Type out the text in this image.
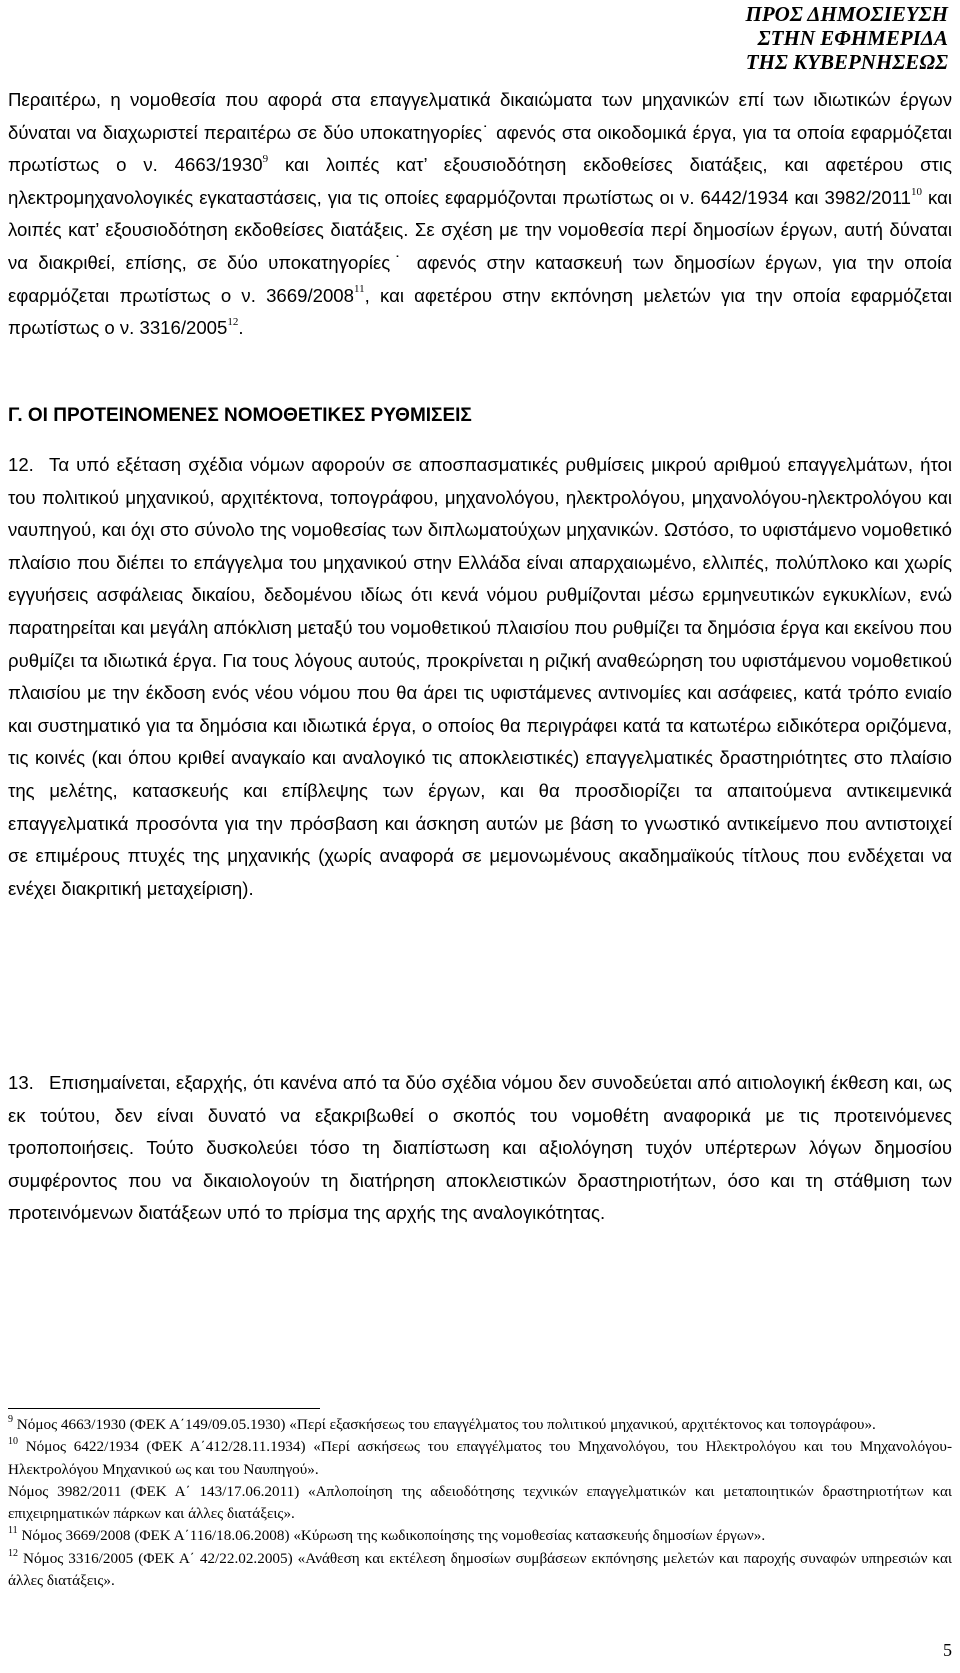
ΠΡΟΣ ΔΗΜΟΣΙΕΥΣΗ
ΣΤΗΝ ΕΦΗΜΕΡΙΔΑ
ΤΗΣ ΚΥΒΕΡΝΗΣΕΩΣ

Περαιτέρω, η νομοθεσία που αφορά στα επαγγελματικά δικαιώματα των μηχανικών επί των ιδιωτικών έργων δύναται να διαχωριστεί περαιτέρω σε δύο υποκατηγορίες˙ αφενός στα οικοδομικά έργα, για τα οποία εφαρμόζεται πρωτίστως ο ν. 4663/1930$^9$ και λοιπές κατ’ εξουσιοδότηση εκδοθείσες διατάξεις, και αφετέρου στις ηλεκτρομηχανολογικές εγκαταστάσεις, για τις οποίες εφαρμόζονται πρωτίστως οι ν. 6442/1934 και 3982/2011$^{10}$ και λοιπές κατ’ εξουσιοδότηση εκδοθείσες διατάξεις. Σε σχέση με την νομοθεσία περί δημοσίων έργων, αυτή δύναται να διακριθεί, επίσης, σε δύο υποκατηγορίες˙ αφενός στην κατασκευή των δημοσίων έργων, για την οποία εφαρμόζεται πρωτίστως ο ν. 3669/2008$^{11}$, και αφετέρου στην εκπόνηση μελετών για την οποία εφαρμόζεται πρωτίστως ο ν. 3316/2005$^{12}$.

Γ. ΟΙ ΠΡΟΤΕΙΝΟΜΕΝΕΣ ΝΟΜΟΘΕΤΙΚΕΣ ΡΥΘΜΙΣΕΙΣ

12. Τα υπό εξέταση σχέδια νόμων αφορούν σε αποσπασματικές ρυθμίσεις μικρού αριθμού επαγγελμάτων, ήτοι του πολιτικού μηχανικού, αρχιτέκτονα, τοπογράφου, μηχανολόγου, ηλεκτρολόγου, μηχανολόγου-ηλεκτρολόγου και ναυπηγού, και όχι στο σύνολο της νομοθεσίας των διπλωματούχων μηχανικών. Ωστόσο, το υφιστάμενο νομοθετικό πλαίσιο που διέπει το επάγγελμα του μηχανικού στην Ελλάδα είναι απαρχαιωμένο, ελλιπές, πολύπλοκο και χωρίς εγγυήσεις ασφάλειας δικαίου, δεδομένου ιδίως ότι κενά νόμου ρυθμίζονται μέσω ερμηνευτικών εγκυκλίων, ενώ παρατηρείται και μεγάλη απόκλιση μεταξύ του νομοθετικού πλαισίου που ρυθμίζει τα δημόσια έργα και εκείνου που ρυθμίζει τα ιδιωτικά έργα. Για τους λόγους αυτούς, προκρίνεται η ριζική αναθεώρηση του υφιστάμενου νομοθετικού πλαισίου με την έκδοση ενός νέου νόμου που θα άρει τις υφιστάμενες αντινομίες και ασάφειες, κατά τρόπο ενιαίο και συστηματικό για τα δημόσια και ιδιωτικά έργα, ο οποίος θα περιγράφει κατά τα κατωτέρω ειδικότερα οριζόμενα, τις κοινές (και όπου κριθεί αναγκαίο και αναλογικό τις αποκλειστικές) επαγγελματικές δραστηριότητες στο πλαίσιο της μελέτης, κατασκευής και επίβλεψης των έργων, και θα προσδιορίζει τα απαιτούμενα αντικειμενικά επαγγελματικά προσόντα για την πρόσβαση και άσκηση αυτών με βάση το γνωστικό αντικείμενο που αντιστοιχεί σε επιμέρους πτυχές της μηχανικής (χωρίς αναφορά σε μεμονωμένους ακαδημαϊκούς τίτλους που ενδέχεται να ενέχει διακριτική μεταχείριση).

13. Επισημαίνεται, εξαρχής, ότι κανένα από τα δύο σχέδια νόμου δεν συνοδεύεται από αιτιολογική έκθεση και, ως εκ τούτου, δεν είναι δυνατό να εξακριβωθεί ο σκοπός του νομοθέτη αναφορικά με τις προτεινόμενες τροποποιήσεις. Τούτο δυσκολεύει τόσο τη διαπίστωση και αξιολόγηση τυχόν υπέρτερων λόγων δημοσίου συμφέροντος που να δικαιολογούν τη διατήρηση αποκλειστικών δραστηριοτήτων, όσο και τη στάθμιση των προτεινόμενων διατάξεων υπό το πρίσμα της αρχής της αναλογικότητας.

$^9$ Νόμος 4663/1930 (ΦΕΚ Α΄149/09.05.1930) «Περί εξασκήσεως του επαγγέλματος του πολιτικού μηχανικού, αρχιτέκτονος και τοπογράφου».

$^{10}$ Νόμος 6422/1934 (ΦΕΚ Α΄412/28.11.1934) «Περί ασκήσεως του επαγγέλματος του Μηχανολόγου, του Ηλεκτρολόγου και του Μηχανολόγου-Ηλεκτρολόγου Μηχανικού ως και του Ναυπηγού».

Νόμος 3982/2011 (ΦΕΚ Α΄ 143/17.06.2011) «Απλοποίηση της αδειοδότησης τεχνικών επαγγελματικών και μεταποιητικών δραστηριοτήτων και επιχειρηματικών πάρκων και άλλες διατάξεις».

$^{11}$ Νόμος 3669/2008 (ΦΕΚ Α΄116/18.06.2008) «Κύρωση της κωδικοποίησης της νομοθεσίας κατασκευής δημοσίων έργων».

$^{12}$ Νόμος 3316/2005 (ΦΕΚ Α΄ 42/22.02.2005) «Ανάθεση και εκτέλεση δημοσίων συμβάσεων εκπόνησης μελετών και παροχής συναφών υπηρεσιών και άλλες διατάξεις».

5
